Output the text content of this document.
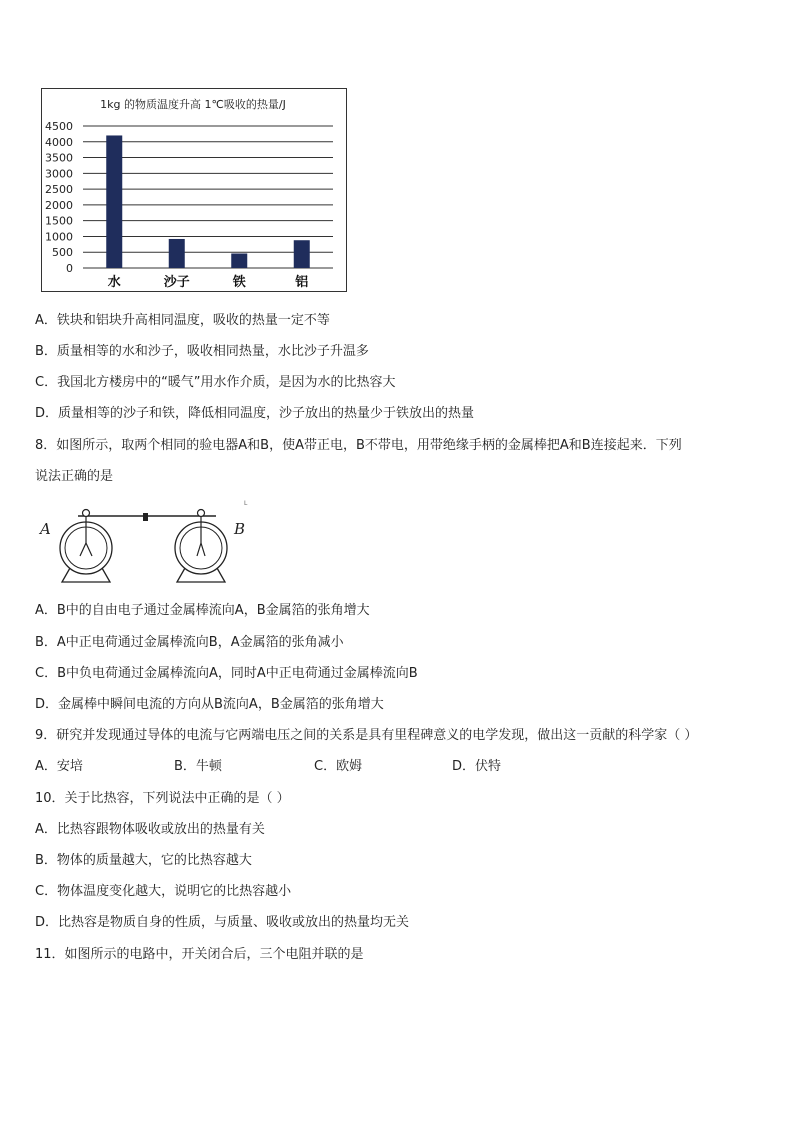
1kg 的物质温度升高 1℃吸收的热量/J
4500
4000
3500
3000
2500
2000
1500
1000
500
0
水	沙子	铁	铝
A．铁块和铝块升高相同温度，吸收的热量一定不等
B．质量相等的水和沙子，吸收相同热量，水比沙子升温多
C．我国北方楼房中的“暖气”用水作介质，是因为水的比热容大
D．质量相等的沙子和铁，降低相同温度，沙子放出的热量少于铁放出的热量
8．如图所示，取两个相同的验电器A和B，使A带正电，B不带电，用带绝缘手柄的金属棒把A和B连接起来．下列
说法正确的是
A	B
L
A．B中的自由电子通过金属棒流向A，B金属箔的张角增大
B．A中正电荷通过金属棒流向B，A金属箔的张角减小
C．B中负电荷通过金属棒流向A，同时A中正电荷通过金属棒流向B
D．金属棒中瞬间电流的方向从B流向A，B金属箔的张角增大
9．研究并发现通过导体的电流与它两端电压之间的关系是具有里程碑意义的电学发现，做出这一贡献的科学家（ ）
A．安培	B．牛顿	C．欧姆	D．伏特
10．关于比热容，下列说法中正确的是（ ）
A．比热容跟物体吸收或放出的热量有关
B．物体的质量越大，它的比热容越大
C．物体温度变化越大，说明它的比热容越小
D．比热容是物质自身的性质，与质量、吸收或放出的热量均无关
11．如图所示的电路中，开关闭合后，三个电阻并联的是
